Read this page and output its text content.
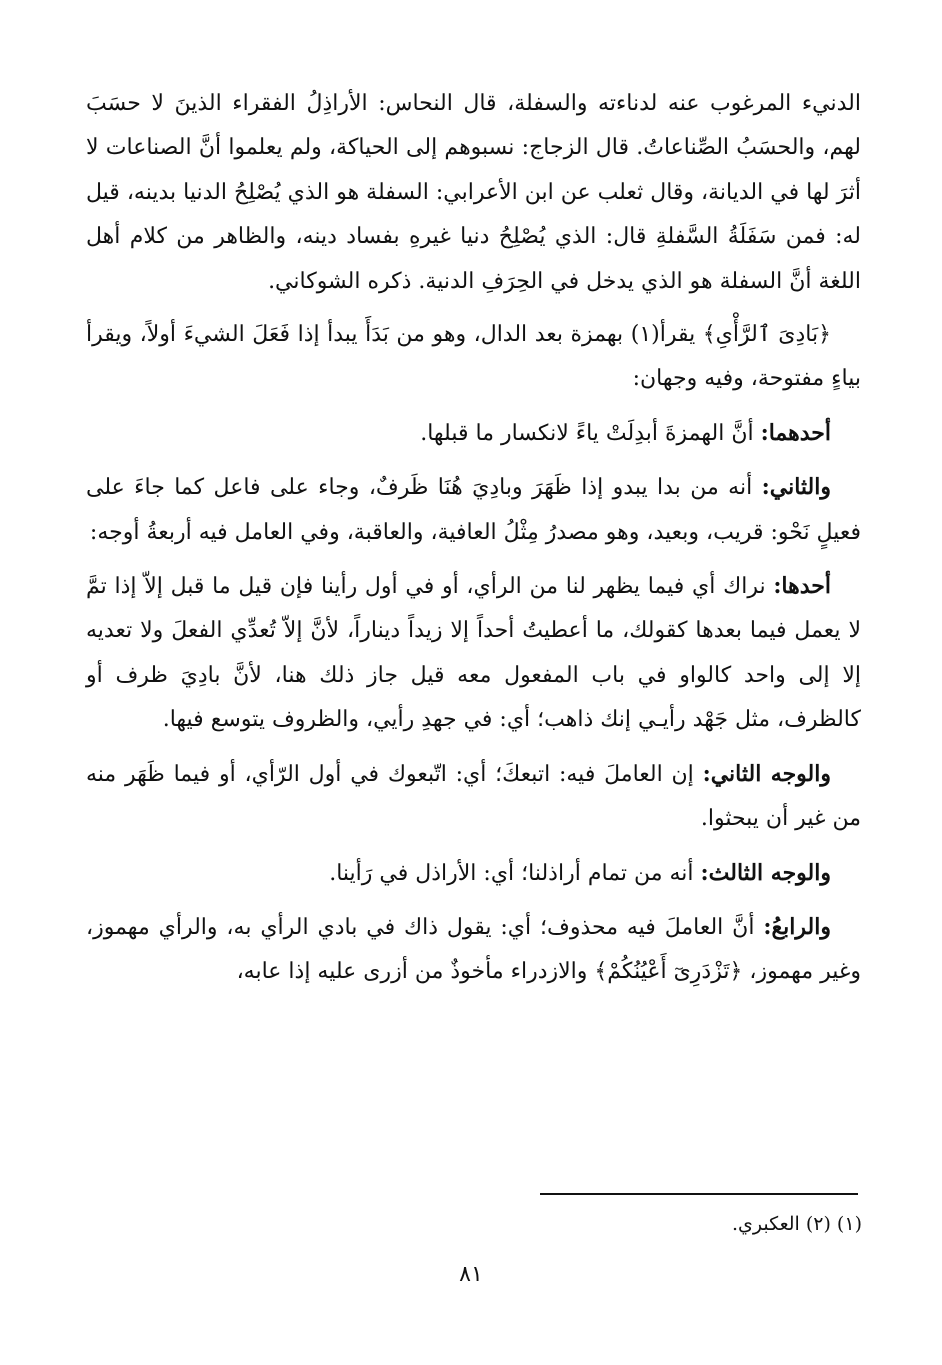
الدنيء المرغوب عنه لدناءته والسفلة، قال النحاس: الأراذِلُ الفقراء الذينَ لا حسَبَ لهم، والحسَبُ الصِّناعاتُ. قال الزجاج: نسبوهم إلى الحياكة، ولم يعلموا أنَّ الصناعات لا أثرَ لها في الديانة، وقال ثعلب عن ابن الأعرابي: السفلة هو الذي يُصْلِحُ الدنيا بدينه، قيل له: فمن سَفَلَةُ السَّفلةِ قال: الذي يُصْلِحُ دنيا غيرهِ بفساد دينه، والظاهر من كلام أهل اللغة أنَّ السفلة هو الذي يدخل في الحِرَفِ الدنية. ذكره الشوكاني.

﴿بَادِىَ ٱلرَّأْىِ﴾ يقرأ(١) بهمزة بعد الدال، وهو من بَدَأَ يبدأ إذا فَعَلَ الشيءَ أولاً، ويقرأ بياءٍ مفتوحة، وفيه وجهان:

أحدهما: أنَّ الهمزةَ أبدِلَتْ ياءً لانكسار ما قبلها.

والثاني: أنه من بدا يبدو إذا ظَهَرَ وبادِيَ هُنَا ظَرفٌ، وجاء على فاعل كما جاءَ على فعيلٍ نَحْو: قريب، وبعيد، وهو مصدرُ مِثْلُ العافية، والعاقبة، وفي العامل فيه أربعةُ أوجه:

أحدها: نراك أي فيما يظهر لنا من الرأي، أو في أول رأينا فإن قيل ما قبل إلاّ إذا تمَّ لا يعمل فيما بعدها كقولك، ما أعطيتُ أحداً إلا زيداً ديناراً، لأنَّ إلاّ تُعدِّي الفعلَ ولا تعديه إلا إلى واحد كالواو في باب المفعول معه قيل جاز ذلك هنا، لأنَّ بادِيَ ظرف أو كالظرف، مثل جَهْد رأيـي إنك ذاهب؛ أي: في جهدِ رأيي، والظروف يتوسع فيها.

والوجه الثاني: إن العاملَ فيه: اتبعكَ؛ أي: اتّبعوك في أول الرّأي، أو فيما ظَهَر منه من غير أن يبحثوا.

والوجه الثالث: أنه من تمام أراذلنا؛ أي: الأراذل في رَأينا.

والرابعُ: أنَّ العاملَ فيه محذوف؛ أي: يقول ذاك في بادي الرأي به، والرأي مهموز، وغير مهموز، ﴿تَزْدَرِىٓ أَعْيُنُكُمْ﴾ والازدراء مأخوذٌ من أزرى عليه إذا عابه،

(١) (٢) العكبري.
٨١
